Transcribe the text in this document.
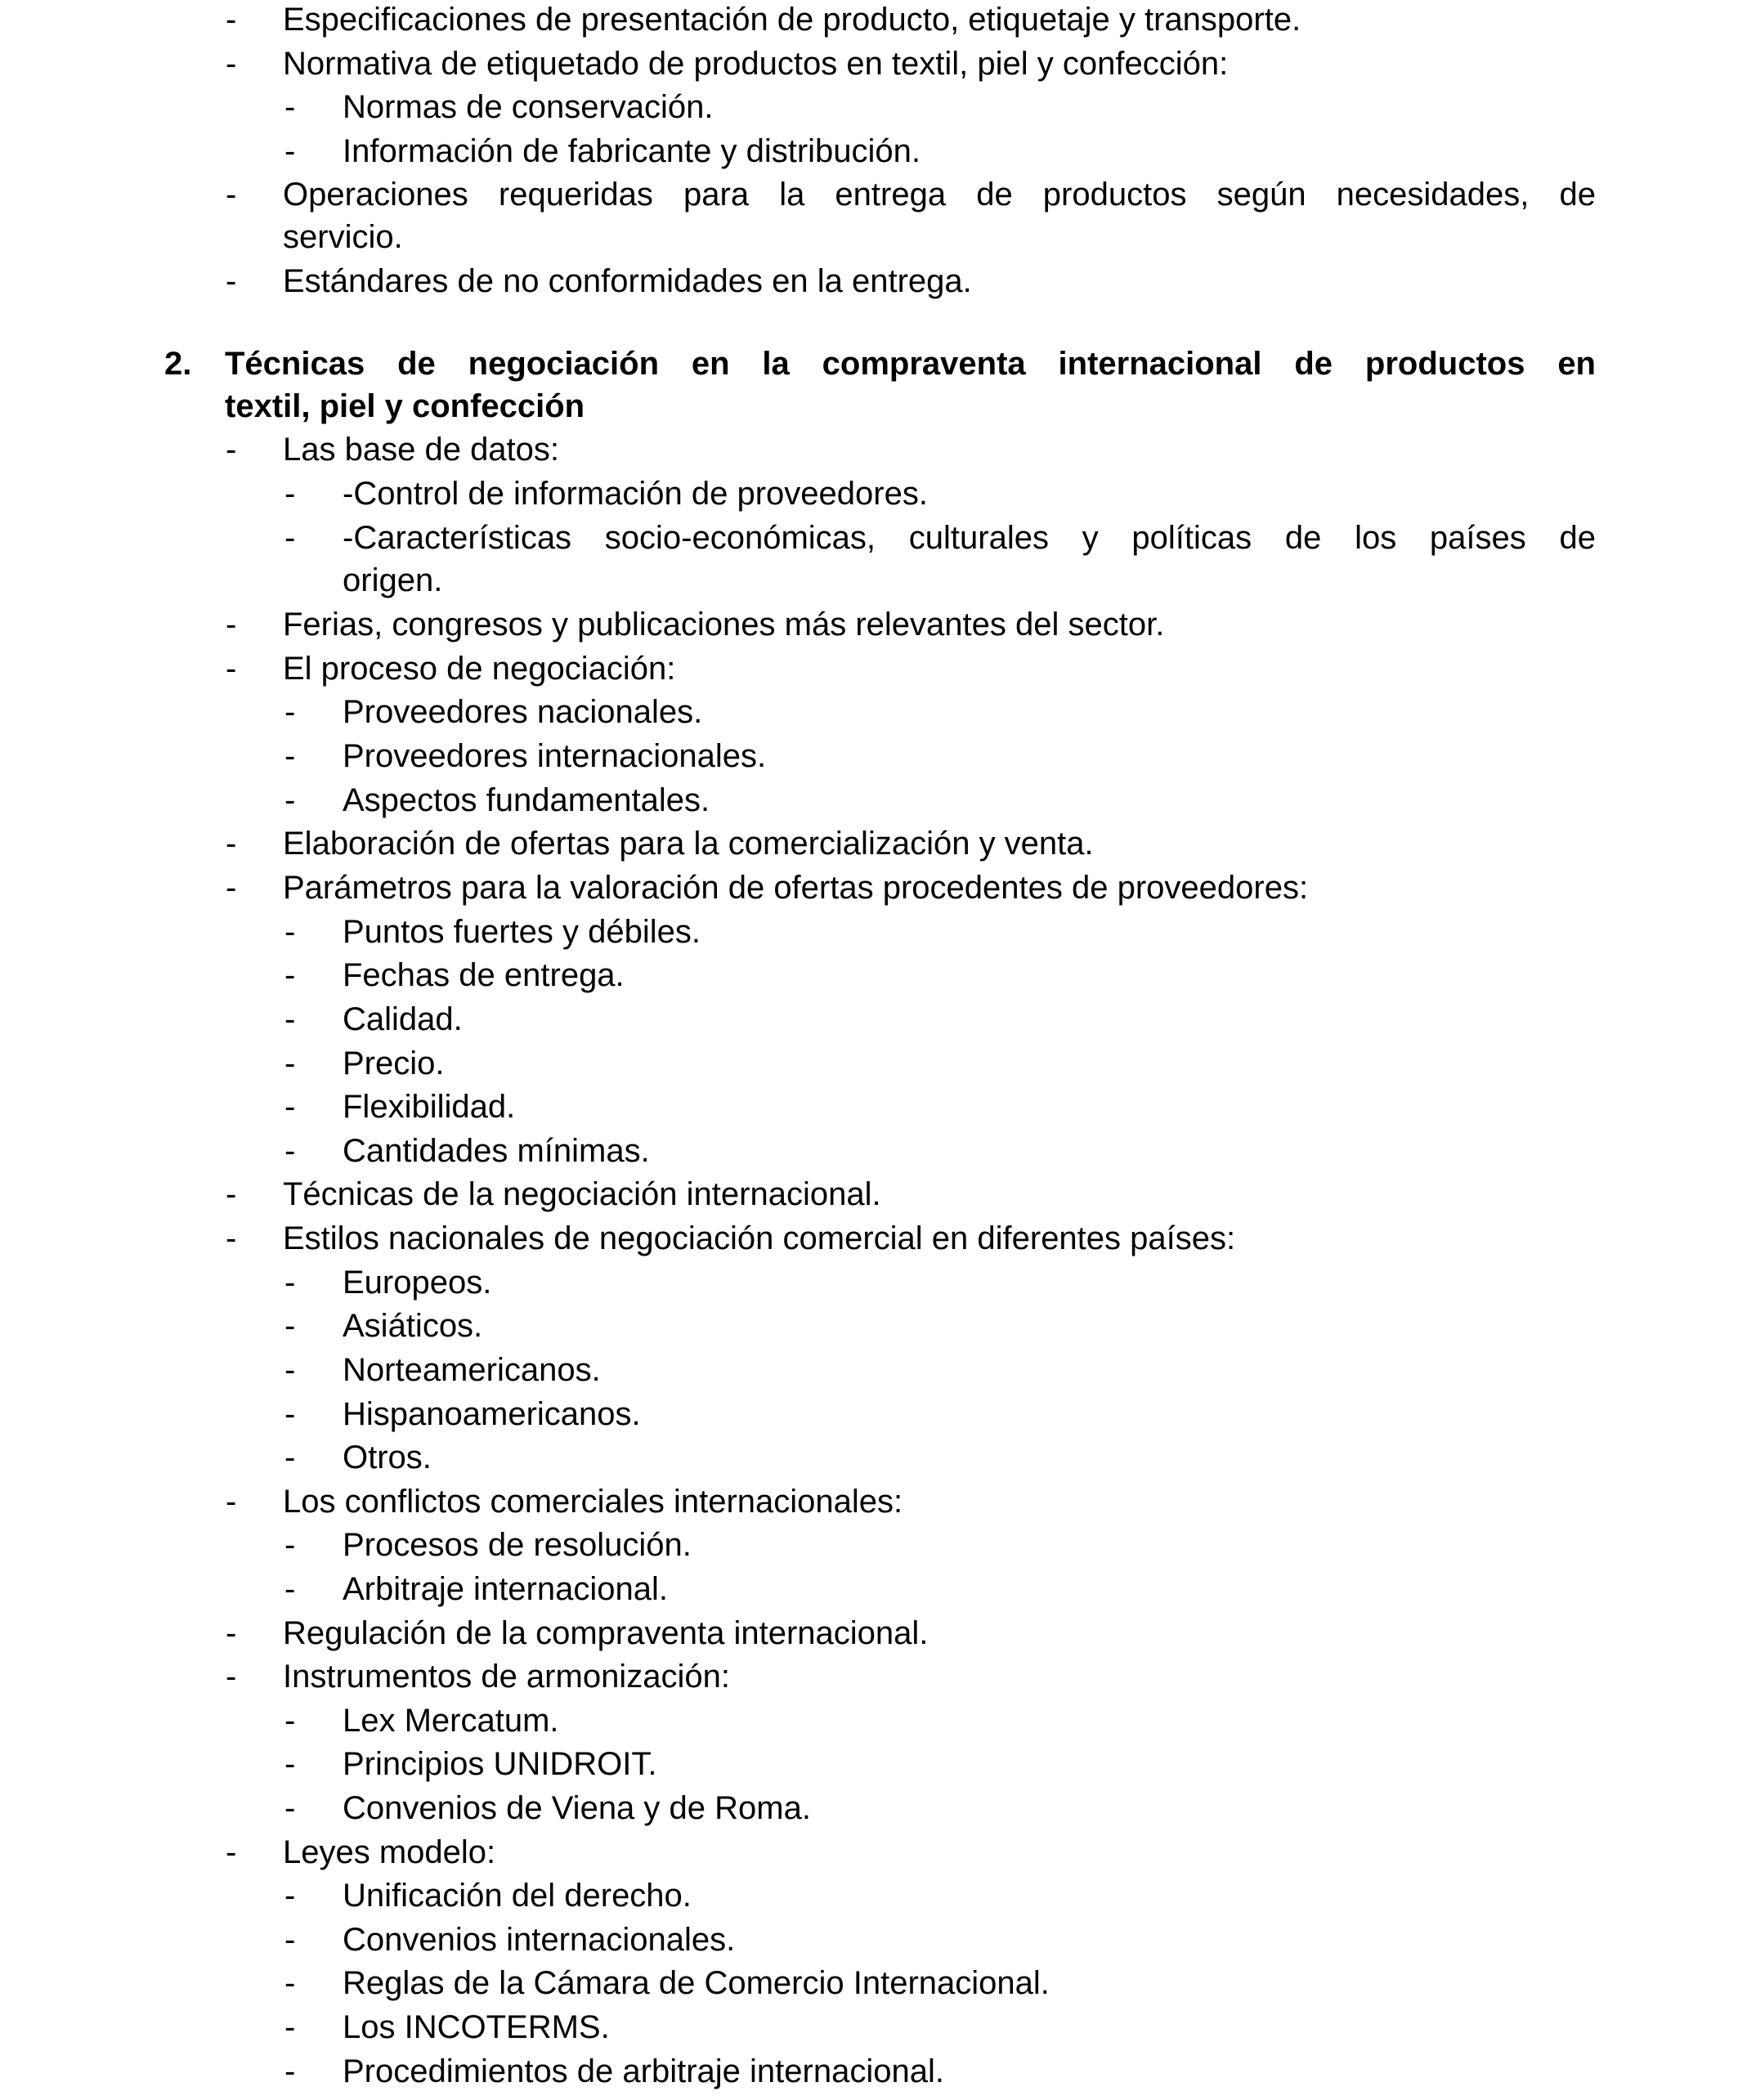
- Especificaciones de presentación de producto, etiquetaje y transporte.
- Normativa de etiquetado de productos en textil, piel y confección:
- Normas de conservación.
- Información de fabricante y distribución.
- Operaciones requeridas para la entrega de productos según necesidades, de
servicio.
- Estándares de no conformidades en la entrega.
2. Técnicas de negociación en la compraventa internacional de productos en
textil, piel y confección
- Las base de datos:
- -Control de información de proveedores.
- -Características socio-económicas, culturales y políticas de los países de
origen.
- Ferias, congresos y publicaciones más relevantes del sector.
- El proceso de negociación:
- Proveedores nacionales.
- Proveedores internacionales.
- Aspectos fundamentales.
- Elaboración de ofertas para la comercialización y venta.
- Parámetros para la valoración de ofertas procedentes de proveedores:
- Puntos fuertes y débiles.
- Fechas de entrega.
- Calidad.
- Precio.
- Flexibilidad.
- Cantidades mínimas.
- Técnicas de la negociación internacional.
- Estilos nacionales de negociación comercial en diferentes países:
- Europeos.
- Asiáticos.
- Norteamericanos.
- Hispanoamericanos.
- Otros.
- Los conflictos comerciales internacionales:
- Procesos de resolución.
- Arbitraje internacional.
- Regulación de la compraventa internacional.
- Instrumentos de armonización:
- Lex Mercatum.
- Principios UNIDROIT.
- Convenios de Viena y de Roma.
- Leyes modelo:
- Unificación del derecho.
- Convenios internacionales.
- Reglas de la Cámara de Comercio Internacional.
- Los INCOTERMS.
- Procedimientos de arbitraje internacional.
